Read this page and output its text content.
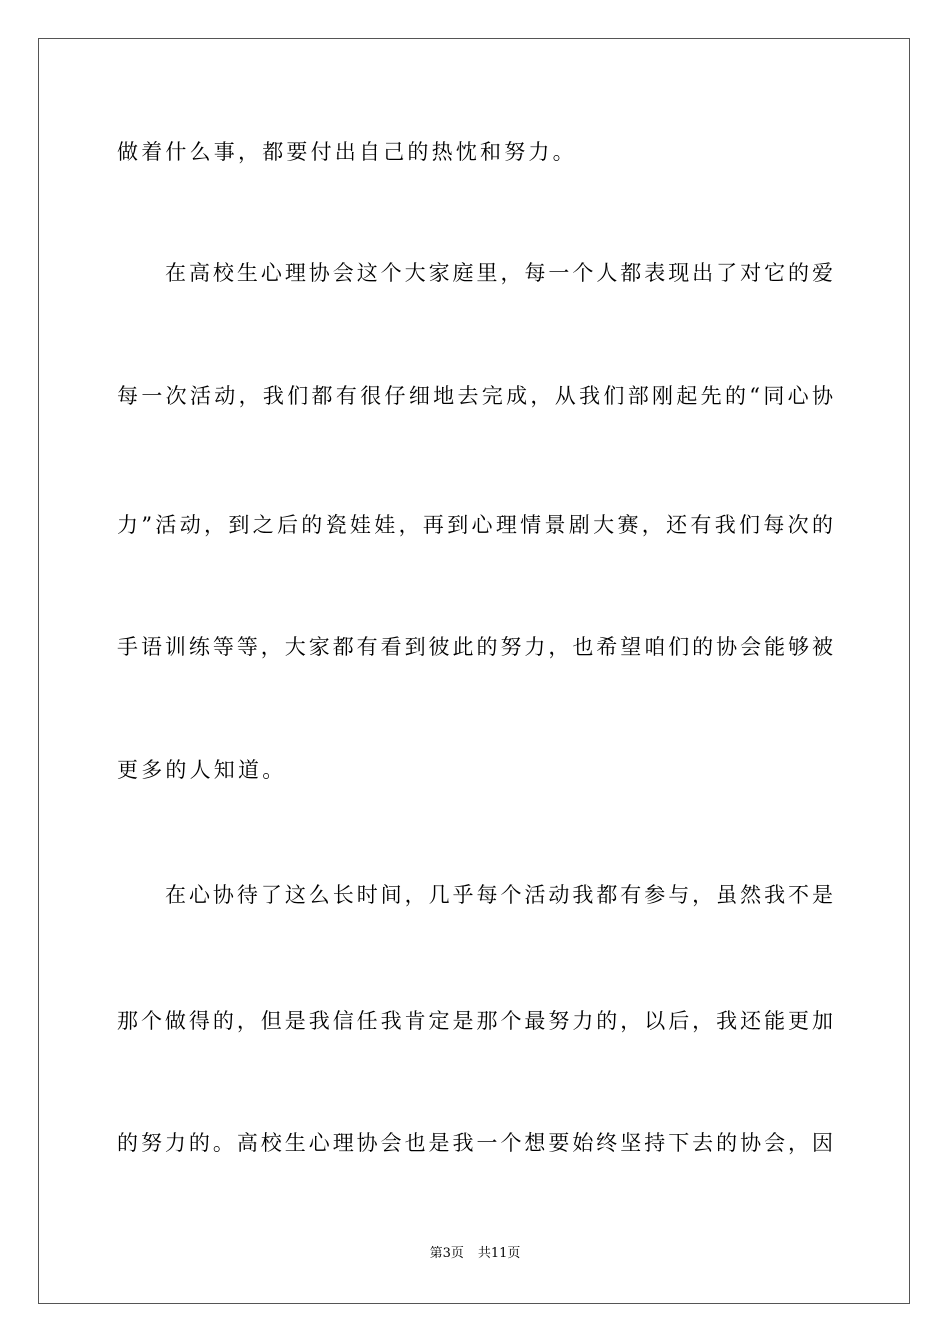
做着什么事，都要付出自己的热忱和努力。
在高校生心理协会这个大家庭里，每一个人都表现出了对它的爱
每一次活动，我们都有很仔细地去完成，从我们部刚起先的“同心协
力”活动，到之后的瓷娃娃，再到心理情景剧大赛，还有我们每次的
手语训练等等，大家都有看到彼此的努力，也希望咱们的协会能够被
更多的人知道。
在心协待了这么长时间，几乎每个活动我都有参与，虽然我不是
那个做得的，但是我信任我肯定是那个最努力的，以后，我还能更加
的努力的。高校生心理协会也是我一个想要始终坚持下去的协会，因
第3页 共11页
